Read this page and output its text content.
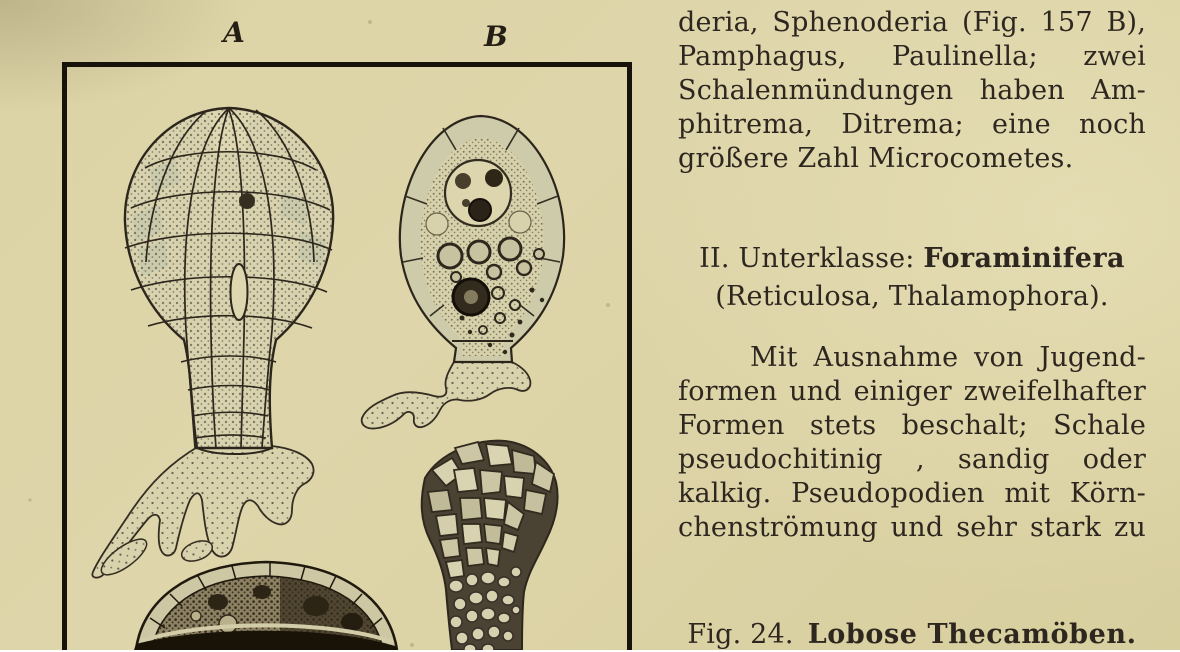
A	B	deria, Sphenoderia (Fig. 157 B),
Pamphagus, Paulinella; zwei
Schalenmündungen haben Am-
phitrema, Ditrema; eine noch
größere Zahl Microcometes.
II. Unterklasse: Foraminifera
(Reticulosa, Thalamophora).
Mit Ausnahme von Jugend-
formen und einiger zweifelhafter
Formen stets beschalt; Schale
pseudochitinig , sandig oder
kalkig. Pseudopodien mit Körn-
chenströmung und sehr stark zu
Fig. 24. Lobose Thecamöben.
